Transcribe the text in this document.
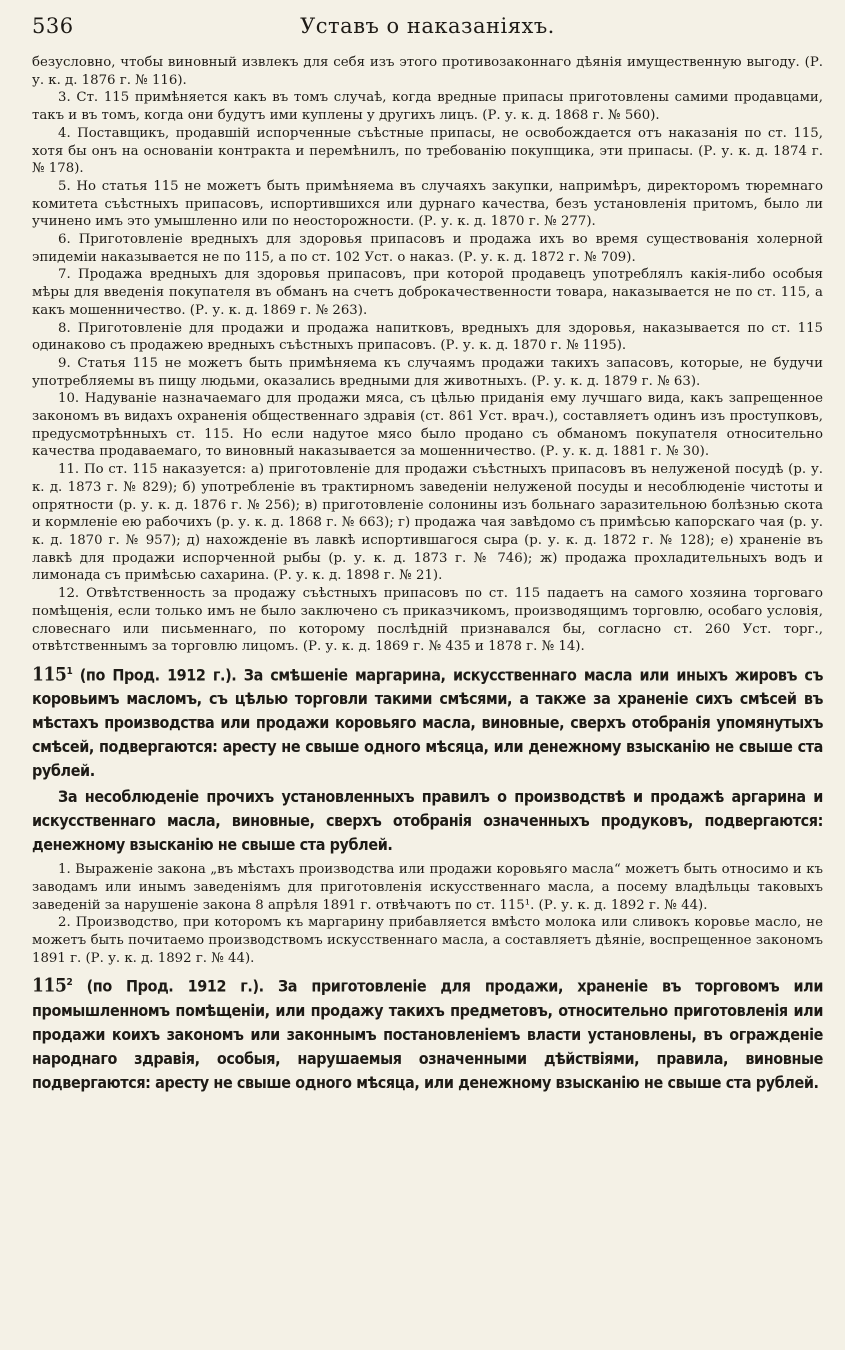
536	Уставъ о наказаніяхъ.

безусловно, чтобы виновный извлекъ для себя изъ этого противозаконнаго дѣянія имущественную выгоду. (Р. у. к. д. 1876 г. № 116).

3. Ст. 115 примѣняется какъ въ томъ случаѣ, когда вредные припасы приготовлены самими продавцами, такъ и въ томъ, когда они будутъ ими куплены у другихъ лицъ. (Р. у. к. д. 1868 г. № 560).

4. Поставщикъ, продавшій испорченные съѣстные припасы, не освобождается отъ наказанія по ст. 115, хотя бы онъ на основаніи контракта и перемѣнилъ, по требованію покупщика, эти припасы. (Р. у. к. д. 1874 г. № 178).

5. Но статья 115 не можетъ быть примѣняема въ случаяхъ закупки, напримѣръ, директоромъ тюремнаго комитета съѣстныхъ припасовъ, испортившихся или дурнаго качества, безъ установленія притомъ, было ли учинено имъ это умышленно или по неосторожности. (Р. у. к. д. 1870 г. № 277).

6. Приготовленіе вредныхъ для здоровья припасовъ и продажа ихъ во время существованія холерной эпидеміи наказывается не по 115, а по ст. 102 Уст. о наказ. (Р. у. к. д. 1872 г. № 709).

7. Продажа вредныхъ для здоровья припасовъ, при которой продавецъ употреблялъ какія-либо особыя мѣры для введенія покупателя въ обманъ на счетъ доброкачественности товара, наказывается не по ст. 115, а какъ мошенничество. (Р. у. к. д. 1869 г. № 263).

8. Приготовленіе для продажи и продажа напитковъ, вредныхъ для здоровья, наказывается по ст. 115 одинаково съ продажею вредныхъ съѣстныхъ припасовъ. (Р. у. к. д. 1870 г. № 1195).

9. Статья 115 не можетъ быть примѣняема къ случаямъ продажи такихъ запасовъ, которые, не будучи употребляемы въ пищу людьми, оказались вредными для животныхъ. (Р. у. к. д. 1879 г. № 63).

10. Надуваніе назначаемаго для продажи мяса, съ цѣлью приданія ему лучшаго вида, какъ запрещенное закономъ въ видахъ охраненія общественнаго здравія (ст. 861 Уст. врач.), составляетъ одинъ изъ проступковъ, предусмотрѣнныхъ ст. 115. Но если надутое мясо было продано съ обманомъ покупателя относительно качества продаваемаго, то виновный наказывается за мошенничество. (Р. у. к. д. 1881 г. № 30).

11. По ст. 115 наказуется: а) приготовленіе для продажи съѣстныхъ припасовъ въ нелуженой посудѣ (р. у. к. д. 1873 г. № 829); б) употребленіе въ трактирномъ заведеніи нелуженой посуды и несоблюденіе чистоты и опрятности (р. у. к. д. 1876 г. № 256); в) приготовленіе солонины изъ больнаго заразительною болѣзнью скота и кормленіе ею рабочихъ (р. у. к. д. 1868 г. № 663); г) продажа чая завѣдомо съ примѣсью капорскаго чая (р. у. к. д. 1870 г. № 957); д) нахожденіе въ лавкѣ испортившагося сыра (р. у. к. д. 1872 г. № 128); е) храненіе въ лавкѣ для продажи испорченной рыбы (р. у. к. д. 1873 г. № 746); ж) продажа прохладительныхъ водъ и лимонада съ примѣсью сахарина. (Р. у. к. д. 1898 г. № 21).

12. Отвѣтственность за продажу съѣстныхъ припасовъ по ст. 115 падаетъ на самого хозяина торговаго помѣщенія, если только имъ не было заключено съ приказчикомъ, производящимъ торговлю, особаго условія, словеснаго или письменнаго, по которому послѣдній признавался бы, согласно ст. 260 Уст. торг., отвѣтственнымъ за торговлю лицомъ. (Р. у. к. д. 1869 г. № 435 и 1878 г. № 14).

$115^1$ (по Прод. 1912 г.). За смѣшеніе маргарина, искусственнаго масла или иныхъ жировъ съ коровьимъ масломъ, съ цѣлью торговли такими смѣсями, а также за храненіе сихъ смѣсей въ мѣстахъ производства или продажи коровьяго масла, виновные, сверхъ отобранія упомянутыхъ смѣсей, подвергаются: аресту не свыше одного мѣсяца, или денежному взысканію не свыше ста рублей.

За несоблюденіе прочихъ установленныхъ правилъ о производствѣ и продажѣ аргарина и искусственнаго масла, виновные, сверхъ отобранія означенныхъ продуковъ, подвергаются: денежному взысканію не свыше ста рублей.

1. Выраженіе закона „въ мѣстахъ производства или продажи коровьяго масла“ можетъ быть относимо и къ заводамъ или инымъ заведеніямъ для приготовленія искусственнаго масла, а посему владѣльцы таковыхъ заведеній за нарушеніе закона 8 апрѣля 1891 г. отвѣчаютъ по ст. 115¹. (Р. у. к. д. 1892 г. № 44).

2. Производство, при которомъ къ маргарину прибавляется вмѣсто молока или сливокъ коровье масло, не можетъ быть почитаемо производствомъ искусственнаго масла, а составляетъ дѣяніе, воспрещенное закономъ 1891 г. (Р. у. к. д. 1892 г. № 44).

$115^2$ (по Прод. 1912 г.). За приготовленіе для продажи, храненіе въ торговомъ или промышленномъ помѣщеніи, или продажу такихъ предметовъ, относительно приготовленія или продажи коихъ закономъ или законнымъ постановленіемъ власти установлены, въ огражденіе народнаго здравія, особыя, нарушаемыя означенными дѣйствіями, правила, виновные подвергаются: аресту не свыше одного мѣсяца, или денежному взысканію не свыше ста рублей.
